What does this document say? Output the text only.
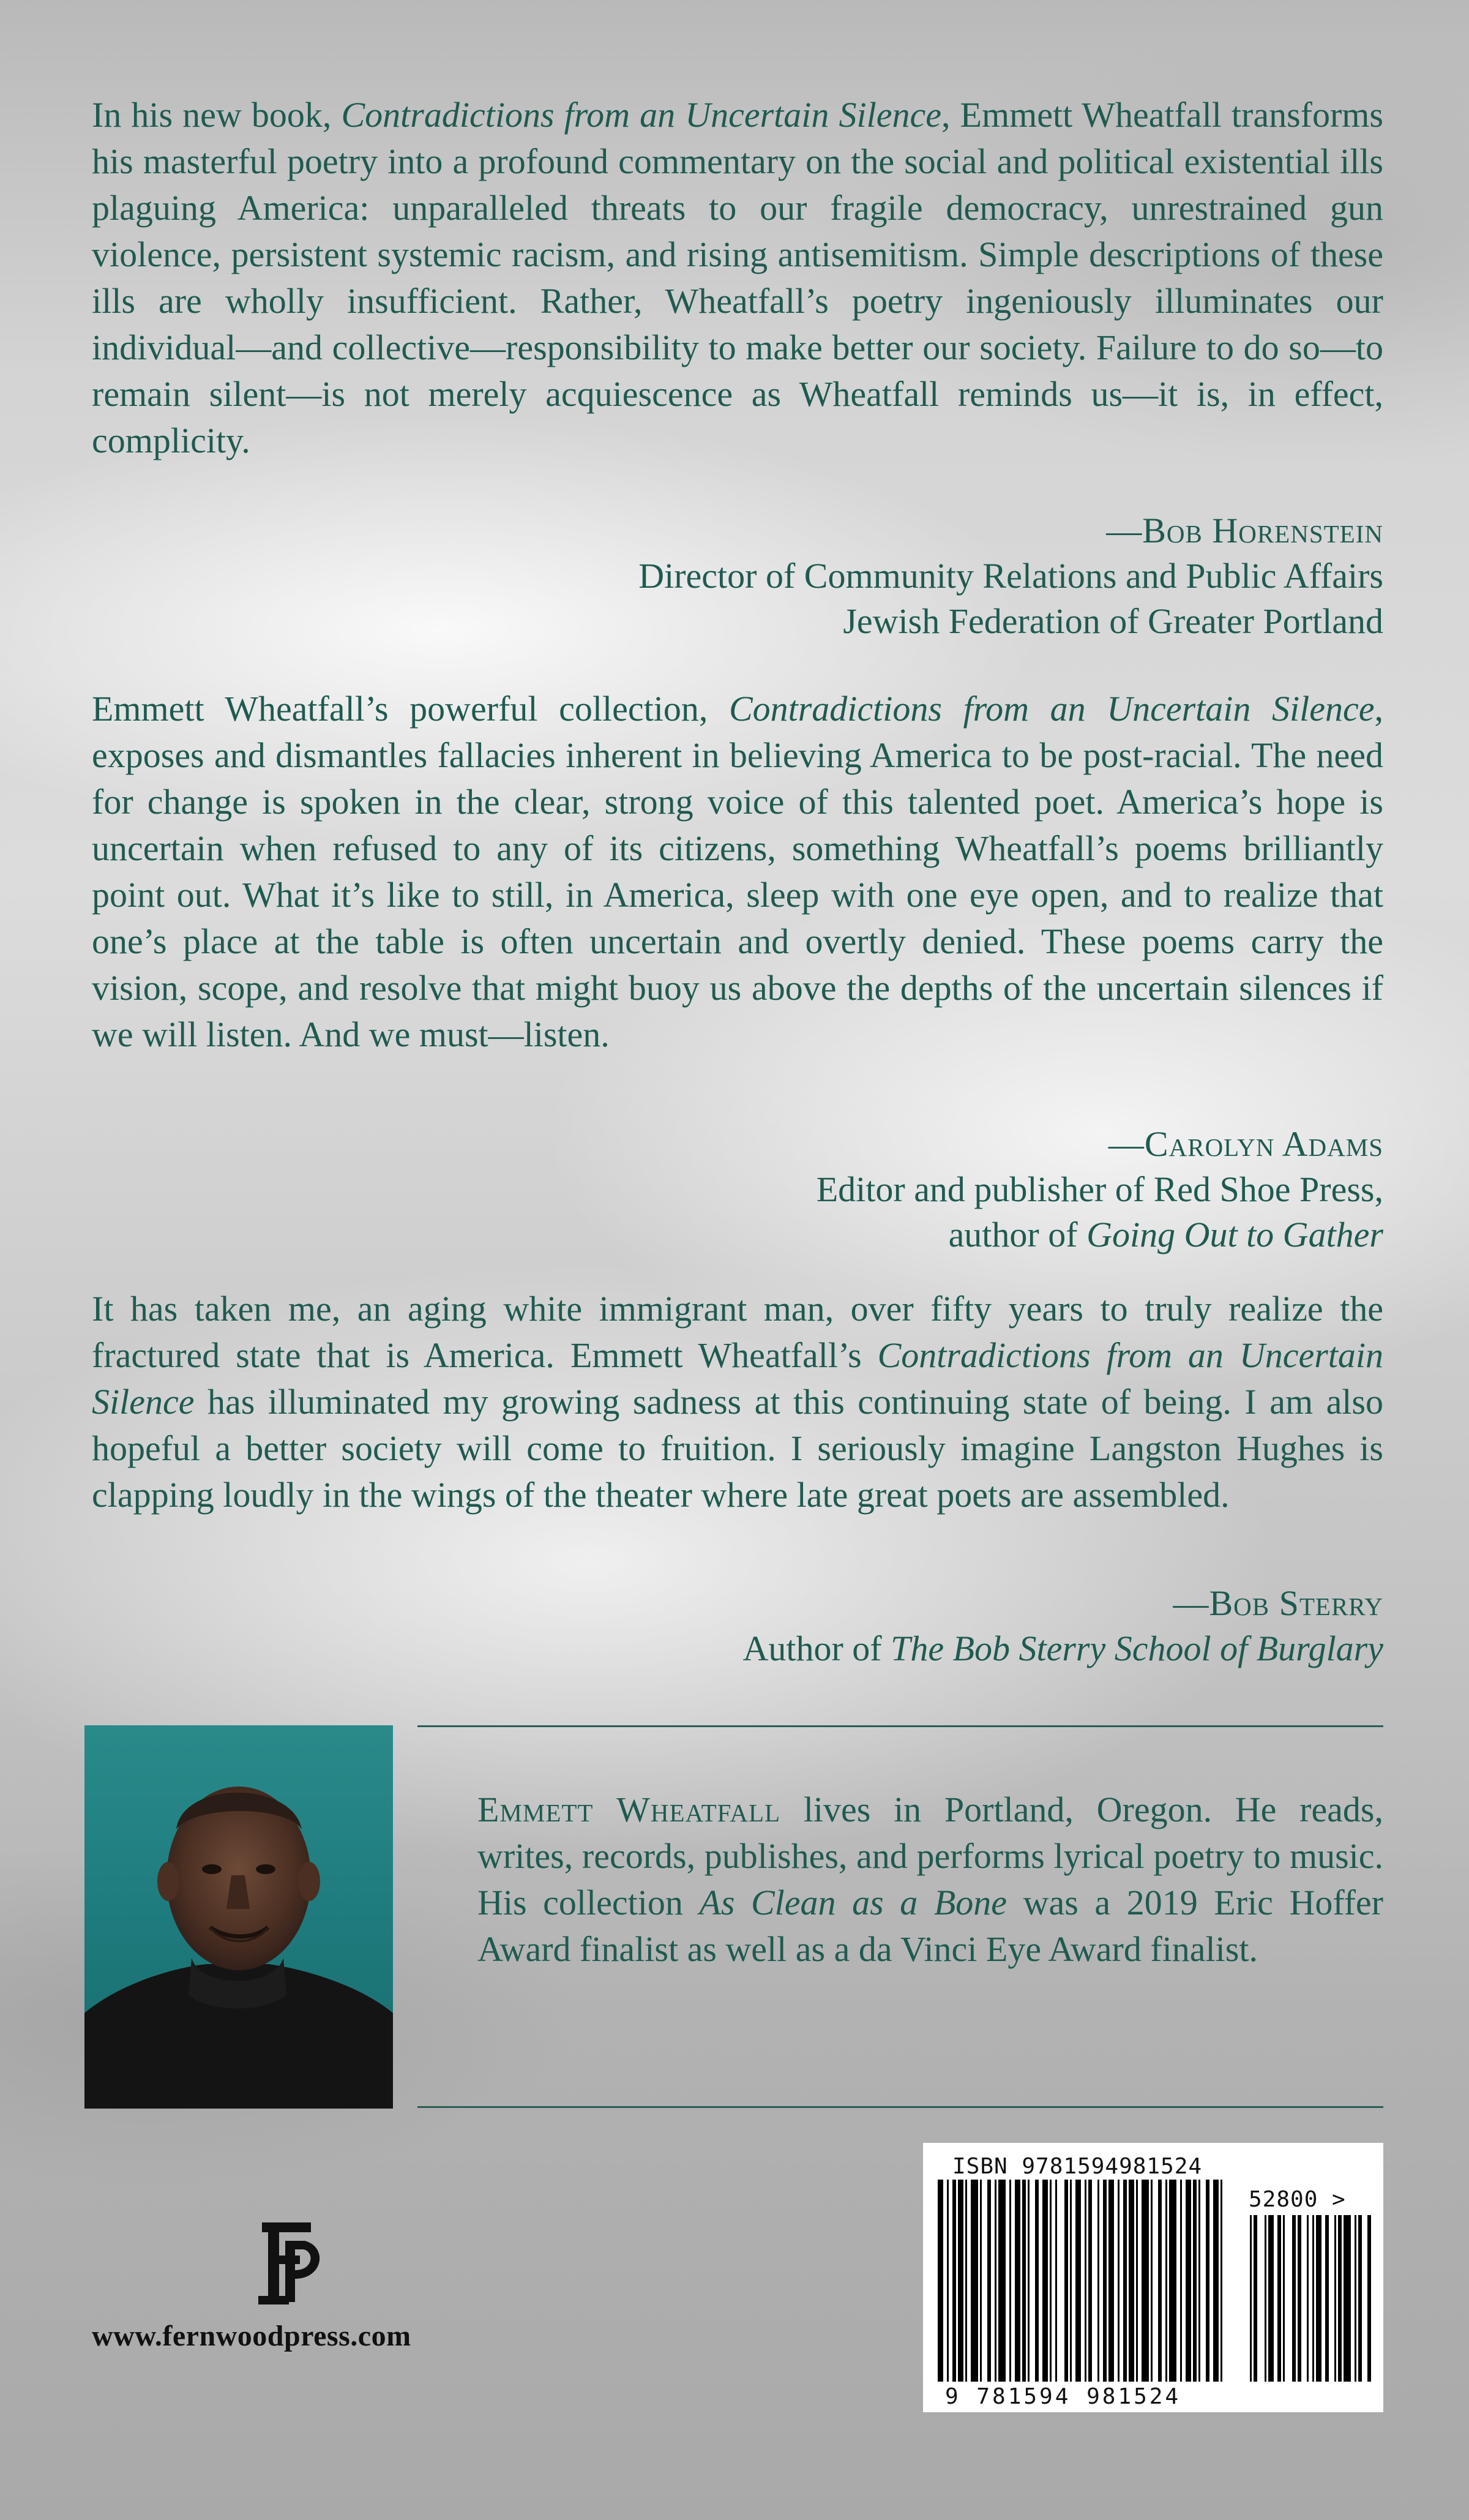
In his new book, Contradictions from an Uncertain Silence, Emmett Wheatfall transforms his masterful poetry into a profound commentary on the social and political existential ills plaguing America: unparalleled threats to our fragile democracy, unrestrained gun violence, persistent systemic racism, and rising antisemitism. Simple descriptions of these ills are wholly insufficient. Rather, Wheatfall’s poetry ingeniously illuminates our individual—and collective—responsibility to make better our society. Failure to do so—to remain silent—is not merely acquiescence as Wheatfall reminds us—it is, in effect, complicity.

—Bob Horenstein
Director of Community Relations and Public Affairs
Jewish Federation of Greater Portland

Emmett Wheatfall’s powerful collection, Contradictions from an Uncertain Silence, exposes and dismantles fallacies inherent in believing America to be post-racial. The need for change is spoken in the clear, strong voice of this talented poet. America’s hope is uncertain when refused to any of its citizens, something Wheatfall’s poems brilliantly point out. What it’s like to still, in America, sleep with one eye open, and to realize that one’s place at the table is often uncertain and overtly denied. These poems carry the vision, scope, and resolve that might buoy us above the depths of the uncertain silences if we will listen. And we must—listen.

—Carolyn Adams
Editor and publisher of Red Shoe Press,
author of Going Out to Gather

It has taken me, an aging white immigrant man, over fifty years to truly realize the fractured state that is America. Emmett Wheatfall’s Contradictions from an Uncertain Silence has illuminated my growing sadness at this continuing state of being. I am also hopeful a better society will come to fruition. I seriously imagine Langston Hughes is clapping loudly in the wings of the theater where late great poets are assembled.

—Bob Sterry
Author of The Bob Sterry School of Burglary

Emmett Wheatfall lives in Portland, Oregon. He reads, writes, records, publishes, and performs lyrical poetry to music. His collection As Clean as a Bone was a 2019 Eric Hoffer Award finalist as well as a da Vinci Eye Award finalist.

www.fernwoodpress.com
ISBN 9781594981524
52800 >
9 781594 981524
